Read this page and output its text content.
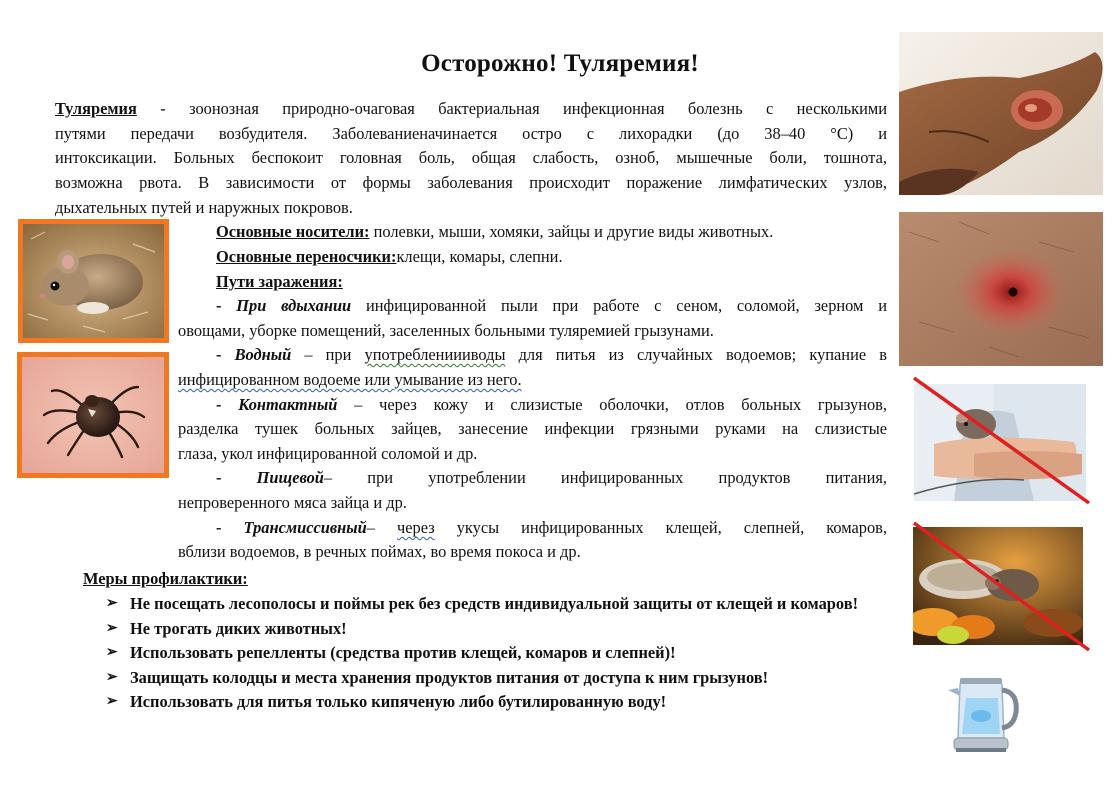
Осторожно! Туляремия!
Туляремия - зоонозная природно-очаговая бактериальная инфекционная болезнь с несколькими
путями передачи возбудителя. Заболеваниеначинается остро с лихорадки (до 38–40 °С) и
интоксикации. Больных беспокоит головная боль, общая слабость, озноб, мышечные боли, тошнота,
возможна рвота. В зависимости от формы заболевания происходит поражение лимфатических узлов,
дыхательных путей и наружных покровов.
Основные носители: полевки, мыши, хомяки, зайцы и другие виды животных.
Основные переносчики:клещи, комары, слепни.
Пути заражения:
- При вдыхании инфицированной пыли при работе с сеном, соломой, зерном и
овощами, уборке помещений, заселенных больными туляремией грызунами.
- Водный – при употреблениииводы для питья из случайных водоемов; купание в
инфицированном водоеме или умывание из него.
- Контактный – через кожу и слизистые оболочки, отлов больных грызунов,
разделка тушек больных зайцев, занесение инфекции грязными руками на слизистые
глаза, укол инфицированной соломой и др.
- Пищевой– при употреблении инфицированных продуктов питания,
непроверенного мяса зайца и др.
- Трансмиссивный– через укусы инфицированных клещей, слепней, комаров,
вблизи водоемов, в речных поймах, во время покоса и др.
Меры профилактики:
➢ Не посещать лесополосы и поймы рек без средств индивидуальной защиты от клещей и комаров!
➢ Не трогать диких животных!
➢ Использовать репелленты (средства против клещей, комаров и слепней)!
➢ Защищать колодцы и места хранения продуктов питания от доступа к ним грызунов!
➢ Использовать для питья только кипяченую либо бутилированную воду!
